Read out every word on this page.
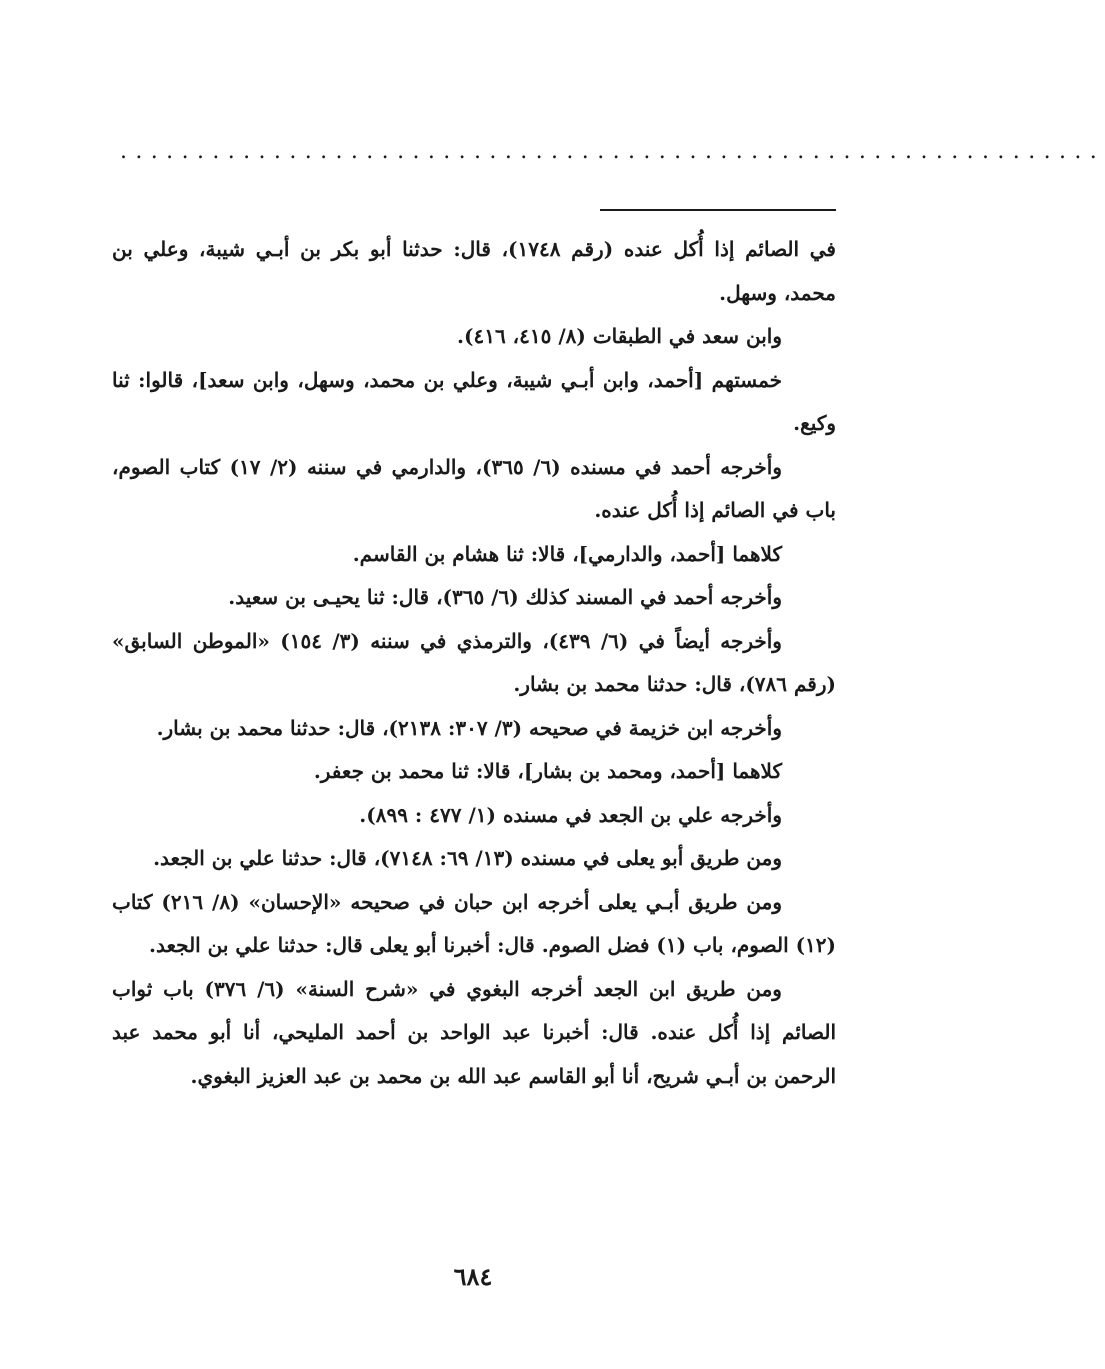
................................................................

في الصائم إذا أُكل عنده (رقم ١٧٤٨)، قال: حدثنا أبو بكر بن أبـي شيبة، وعلي بن محمد، وسهل.

وابن سعد في الطبقات (٨/ ٤١٥، ٤١٦).

خمستهم [أحمد، وابن أبـي شيبة، وعلي بن محمد، وسهل، وابن سعد]، قالوا: ثنا وكيع.

وأخرجه أحمد في مسنده (٦/ ٣٦٥)، والدارمي في سننه (٢/ ١٧) كتاب الصوم، باب في الصائم إذا أُكل عنده.

كلاهما [أحمد، والدارمي]، قالا: ثنا هشام بن القاسم.

وأخرجه أحمد في المسند كذلك (٦/ ٣٦٥)، قال: ثنا يحيـى بن سعيد.

وأخرجه أيضاً في (٦/ ٤٣٩)، والترمذي في سننه (٣/ ١٥٤) «الموطن السابق» (رقم ٧٨٦)، قال: حدثنا محمد بن بشار.

وأخرجه ابن خزيمة في صحيحه (٣/ ٣٠٧: ٢١٣٨)، قال: حدثنا محمد بن بشار.

كلاهما [أحمد، ومحمد بن بشار]، قالا: ثنا محمد بن جعفر.

وأخرجه علي بن الجعد في مسنده (١/ ٤٧٧ : ٨٩٩).

ومن طريق أبو يعلى في مسنده (١٣/ ٦٩: ٧١٤٨)، قال: حدثنا علي بن الجعد.

ومن طريق أبـي يعلى أخرجه ابن حبان في صحيحه «الإحسان» (٨/ ٢١٦) كتاب (١٢) الصوم، باب (١) فضل الصوم. قال: أخبرنا أبو يعلى قال: حدثنا علي بن الجعد.

ومن طريق ابن الجعد أخرجه البغوي في «شرح السنة» (٦/ ٣٧٦) باب ثواب الصائم إذا أُكل عنده. قال: أخبرنا عبد الواحد بن أحمد المليحي، أنا أبو محمد عبد الرحمن بن أبـي شريح، أنا أبو القاسم عبد الله بن محمد بن عبد العزيز البغوي.

٦٨٤
